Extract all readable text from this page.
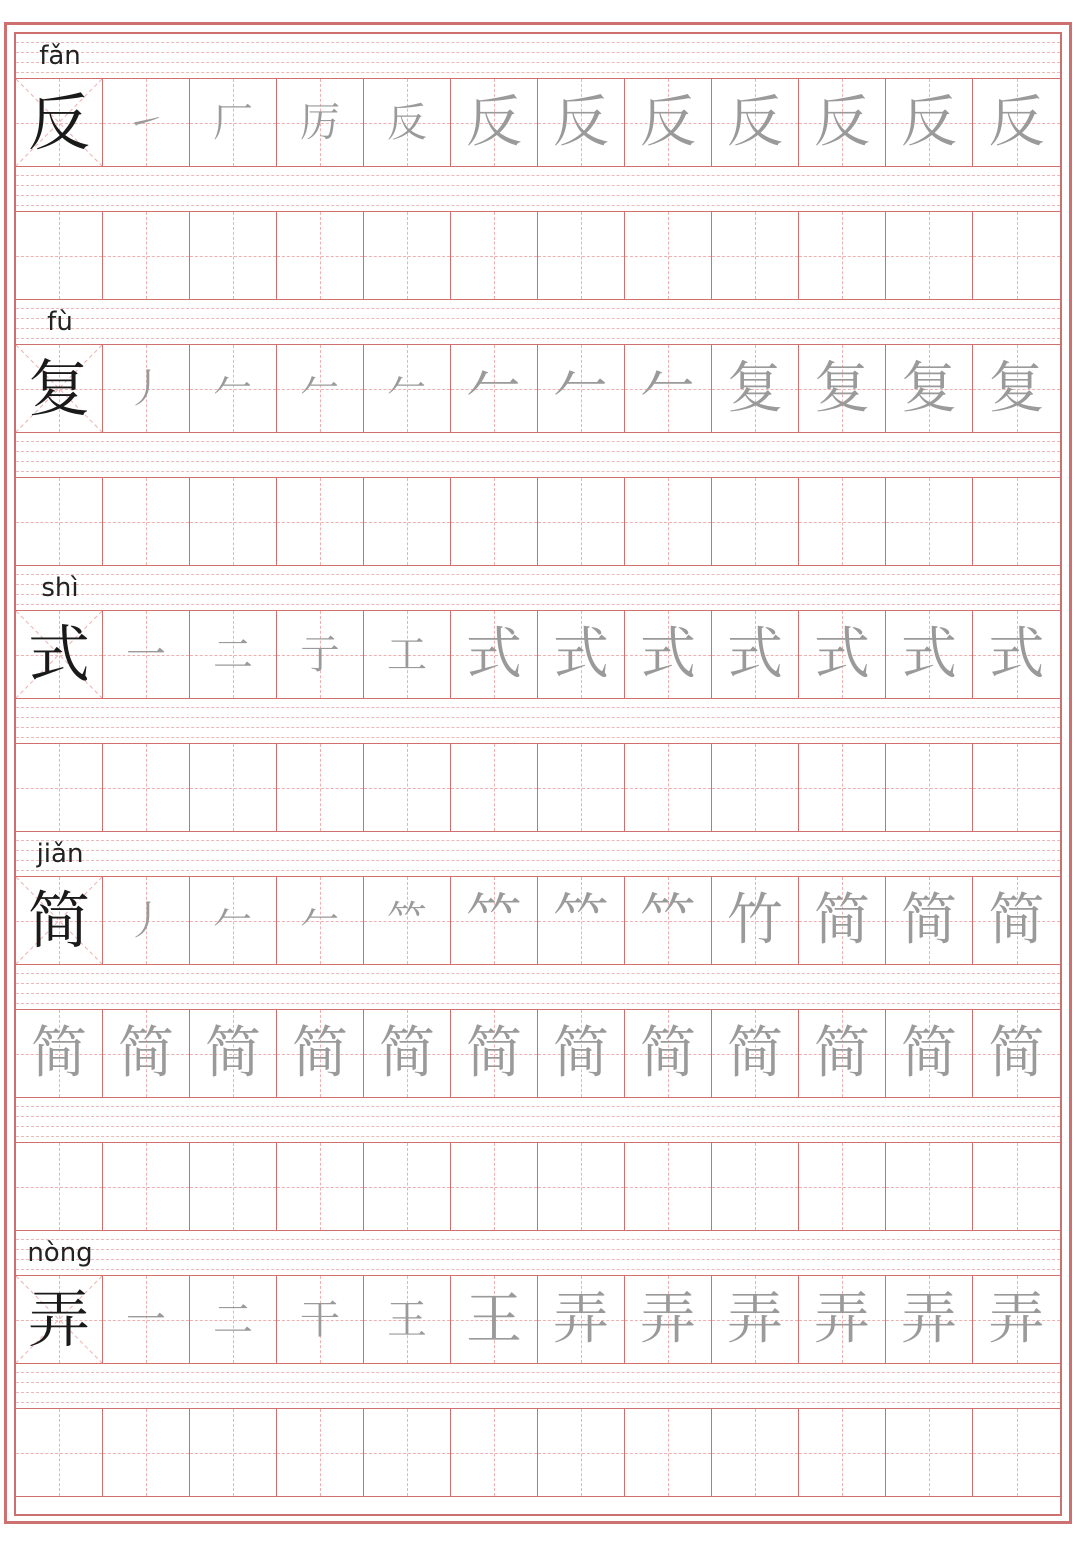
fǎn
反 ㇀	厂	厉	反 反 反 反 反 反 反 反
fù
复 丿	𠂉	𠂉	𠂉 𠂉 𠂉 𠂉 复 复 复 复
shì
式 一	二	亍	工 式 式 式 式 式 式 式
jiǎn
简 丿	𠂉	𠂉	𥫗 𥫗 𥫗 𥫗 竹 简 简 简
简 简 简 简 简 简 简 简 简 简 简 简
nòng
弄 一	二	干	王 王 弄 弄 弄 弄 弄 弄
